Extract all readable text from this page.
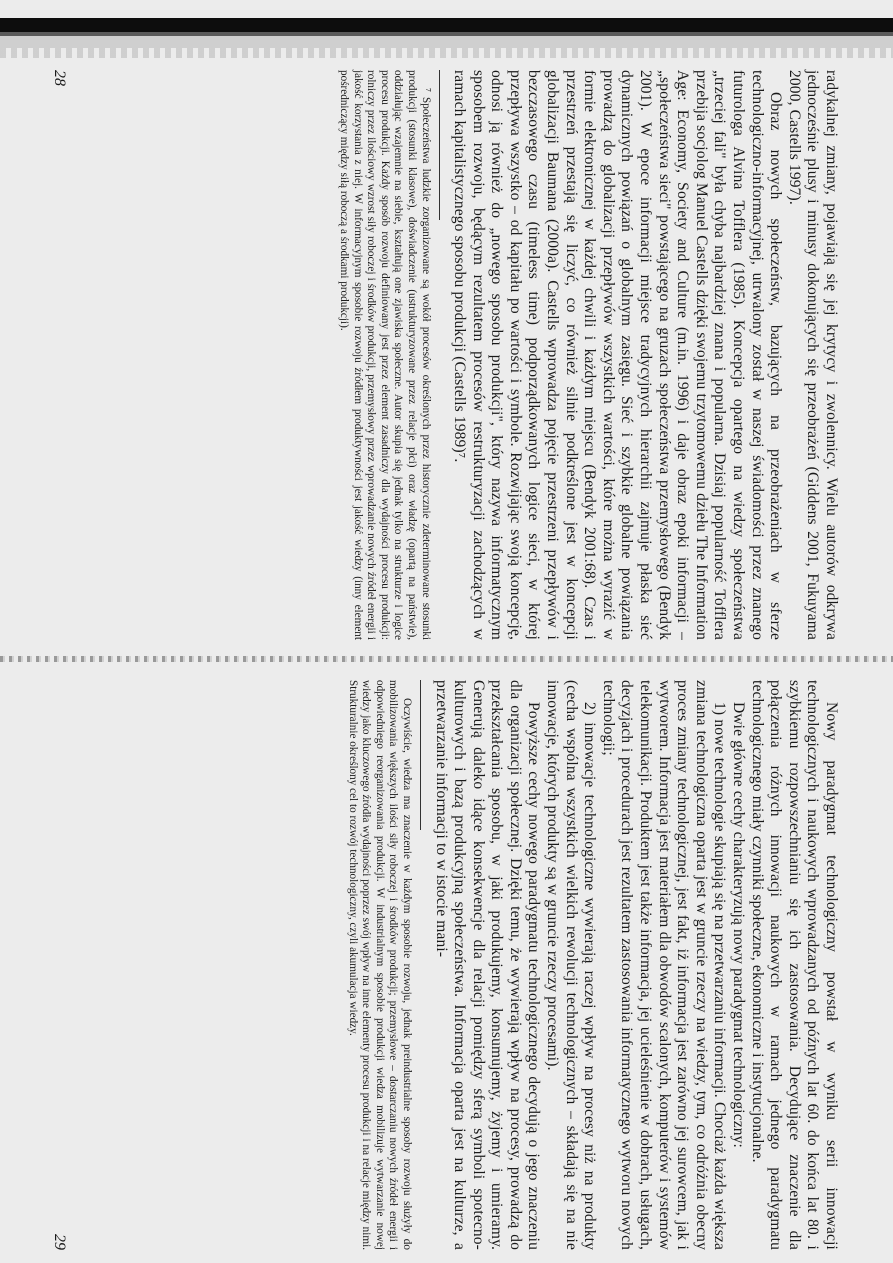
radykalnej zmiany, pojawiają się jej krytycy i zwolennicy. Wielu autorów odkrywa jednocześnie plusy i minusy dokonujących się przeobrażeń (Giddens 2001, Fukuyama 2000, Castells 1997).

Obraz nowych społeczeństw, bazujących na przeobrażeniach w sferze technologiczno-informacyjnej, utrwalony został w naszej świadomości przez znanego futurologa Alvina Tofflera (1985). Koncepcja opartego na wiedzy społeczeństwa „trzeciej fali" była chyba najbardziej znana i popularna. Dzisiaj popularność Tofflera przebija socjolog Manuel Castells dzięki swojemu trzytomowemu dziełu The Information Age: Economy, Society and Culture (m.in. 1996) i daje obraz epoki informacji – „społeczeństwa sieci" powstającego na gruzach społeczeństwa przemysłowego (Bendyk 2001). W epoce informacji miejsce tradycyjnych hierarchii zajmuje płaska sieć dynamicznych powiązań o globalnym zasięgu. Sieć i szybkie globalne powiązania prowadzą do globalizacji przepływów wszystkich wartości, które można wyrazić w formie elektronicznej w każdej chwili i każdym miejscu (Bendyk 2001:68). Czas i przestrzeń przestają się liczyć, co również silnie podkreślone jest w koncepcji globalizacji Baumana (2000a). Castells wprowadza pojęcie przestrzeni przepływów i bezczasowego czasu (timeless time) podporządkowanych logice sieci, w której przepływa wszystko – od kapitału po wartości i symbole. Rozwijając swoją koncepcję, odnosi ją również do „nowego sposobu produkcji", który nazywa informatycznym sposobem rozwoju, będącym rezultatem procesów restrukturyzacji zachodzących w ramach kapitalistycznego sposobu produkcji (Castells 1989)⁷.

⁷ Społeczeństwa ludzkie zorganizowane są wokół procesów określonych przez historycznie zdeterminowane stosunki produkcji (stosunki klasowe), doświadczenie (ustrukturyzowane przez relacje płci) oraz władzę (opartą na państwie), oddziałując wzajemnie na siebie, kształtują one zjawiska społeczne. Autor skupia się jednak tylko na strukturze i logice procesu produkcji. Każdy sposób rozwoju definiowany jest przez element zasadniczy dla wydajności procesu produkcji: rolniczy przez ilościowy wzrost siły roboczej i środków produkcji, przemysłowy przez wprowadzanie nowych źródeł energii i jakość korzystania z niej. W informacyjnym sposobie rozwoju źródłem produktywności jest jakość wiedzy (inny element pośredniczący między siłą roboczą a środkami produkcji).

28

Nowy paradygmat technologiczny powstał w wyniku serii innowacji technologicznych i naukowych wprowadzanych od późnych lat 60. do końca lat 80. i szybkiemu rozpowszechnianiu się ich zastosowania. Decydujące znaczenie dla połączenia różnych innowacji naukowych w ramach jednego paradygmatu technologicznego miały czynniki społeczne, ekonomiczne i instytucjonalne.

Dwie główne cechy charakteryzują nowy paradygmat technologiczny:

1) nowe technologie skupiają się na przetwarzaniu informacji. Chociaż każda większa zmiana technologiczna oparta jest w gruncie rzeczy na wiedzy, tym, co odróżnia obecny proces zmiany technologicznej, jest fakt, iż informacja jest zarówno jej surowcem, jak i wytworem. Informacja jest materiałem dla obwodów scalonych, komputerów i systemów telekomunikacji. Produktem jest także informacja, jej ucieleśnienie w dobrach, usługach, decyzjach i procedurach jest rezultatem zastosowania informatycznego wytworu nowych technologii;

2) innowacje technologiczne wywierają raczej wpływ na procesy niż na produkty (cecha wspólna wszystkich wielkich rewolucji technologicznych – składają się na nie innowacje, których produkty są w gruncie rzeczy procesami).

Powyższe cechy nowego paradygmatu technologicznego decydują o jego znaczeniu dla organizacji społecznej. Dzięki temu, że wywierają wpływ na procesy, prowadzą do przekształcania sposobu, w jaki produkujemy, konsumujemy, żyjemy i umieramy. Generują daleko idące konsekwencje dla relacji pomiędzy sferą symboli spotecno-kulturowych i bazą produkcyjną społeczeństwa. Informacja oparta jest na kulturze, a przetwarzanie informacji to w istocie mani-

Oczywiście, wiedza ma znaczenie w każdym sposobie rozwoju, jednak preindustrialne sposoby rozwoju służyły do mobilizowania większych ilości siły roboczej i środków produkcji; przemysłowe – dostarczaniu nowych źródeł energii i odpowiedniego reorganizowania produkcji. W industrialnym sposobie produkcji wiedza mobilizuje wytwarzanie nowej wiedzy jako kluczowego źródła wydajności poprzez swój wpływ na inne elementy procesu produkcji i na relacje między nimi. Strukturalnie określony cel to rozwój technologiczny, czyli akumulacja wiedzy.

29
